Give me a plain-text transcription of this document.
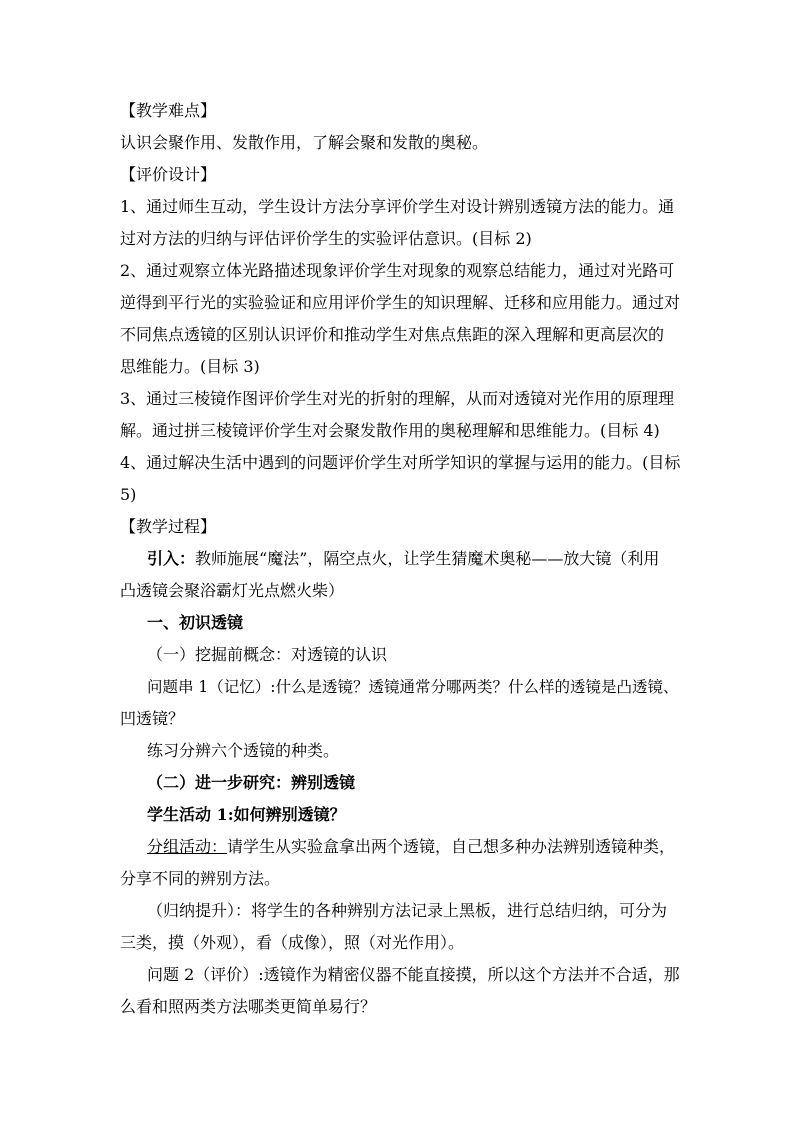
【教学难点】
认识会聚作用、发散作用，了解会聚和发散的奥秘。
【评价设计】
1、通过师生互动，学生设计方法分享评价学生对设计辨别透镜方法的能力。通
过对方法的归纳与评估评价学生的实验评估意识。(目标 2)
2、通过观察立体光路描述现象评价学生对现象的观察总结能力，通过对光路可
逆得到平行光的实验验证和应用评价学生的知识理解、迁移和应用能力。通过对
不同焦点透镜的区别认识评价和推动学生对焦点焦距的深入理解和更高层次的
思维能力。(目标 3)
3、通过三棱镜作图评价学生对光的折射的理解，从而对透镜对光作用的原理理
解。通过拼三棱镜评价学生对会聚发散作用的奥秘理解和思维能力。(目标 4)
4、通过解决生活中遇到的问题评价学生对所学知识的掌握与运用的能力。(目标
5)
【教学过程】
引入：教师施展“魔法”，隔空点火，让学生猜魔术奥秘——放大镜（利用
凸透镜会聚浴霸灯光点燃火柴）
一、初识透镜
（一）挖掘前概念：对透镜的认识
问题串 1（记忆）:什么是透镜？透镜通常分哪两类？什么样的透镜是凸透镜、
凹透镜？
练习分辨六个透镜的种类。
（二）进一步研究：辨别透镜
学生活动 1:如何辨别透镜？
分组活动：请学生从实验盒拿出两个透镜，自己想多种办法辨别透镜种类，
分享不同的辨别方法。
（归纳提升）：将学生的各种辨别方法记录上黑板，进行总结归纳，可分为
三类，摸（外观），看（成像），照（对光作用）。
问题 2（评价）:透镜作为精密仪器不能直接摸，所以这个方法并不合适，那
么看和照两类方法哪类更简单易行？
